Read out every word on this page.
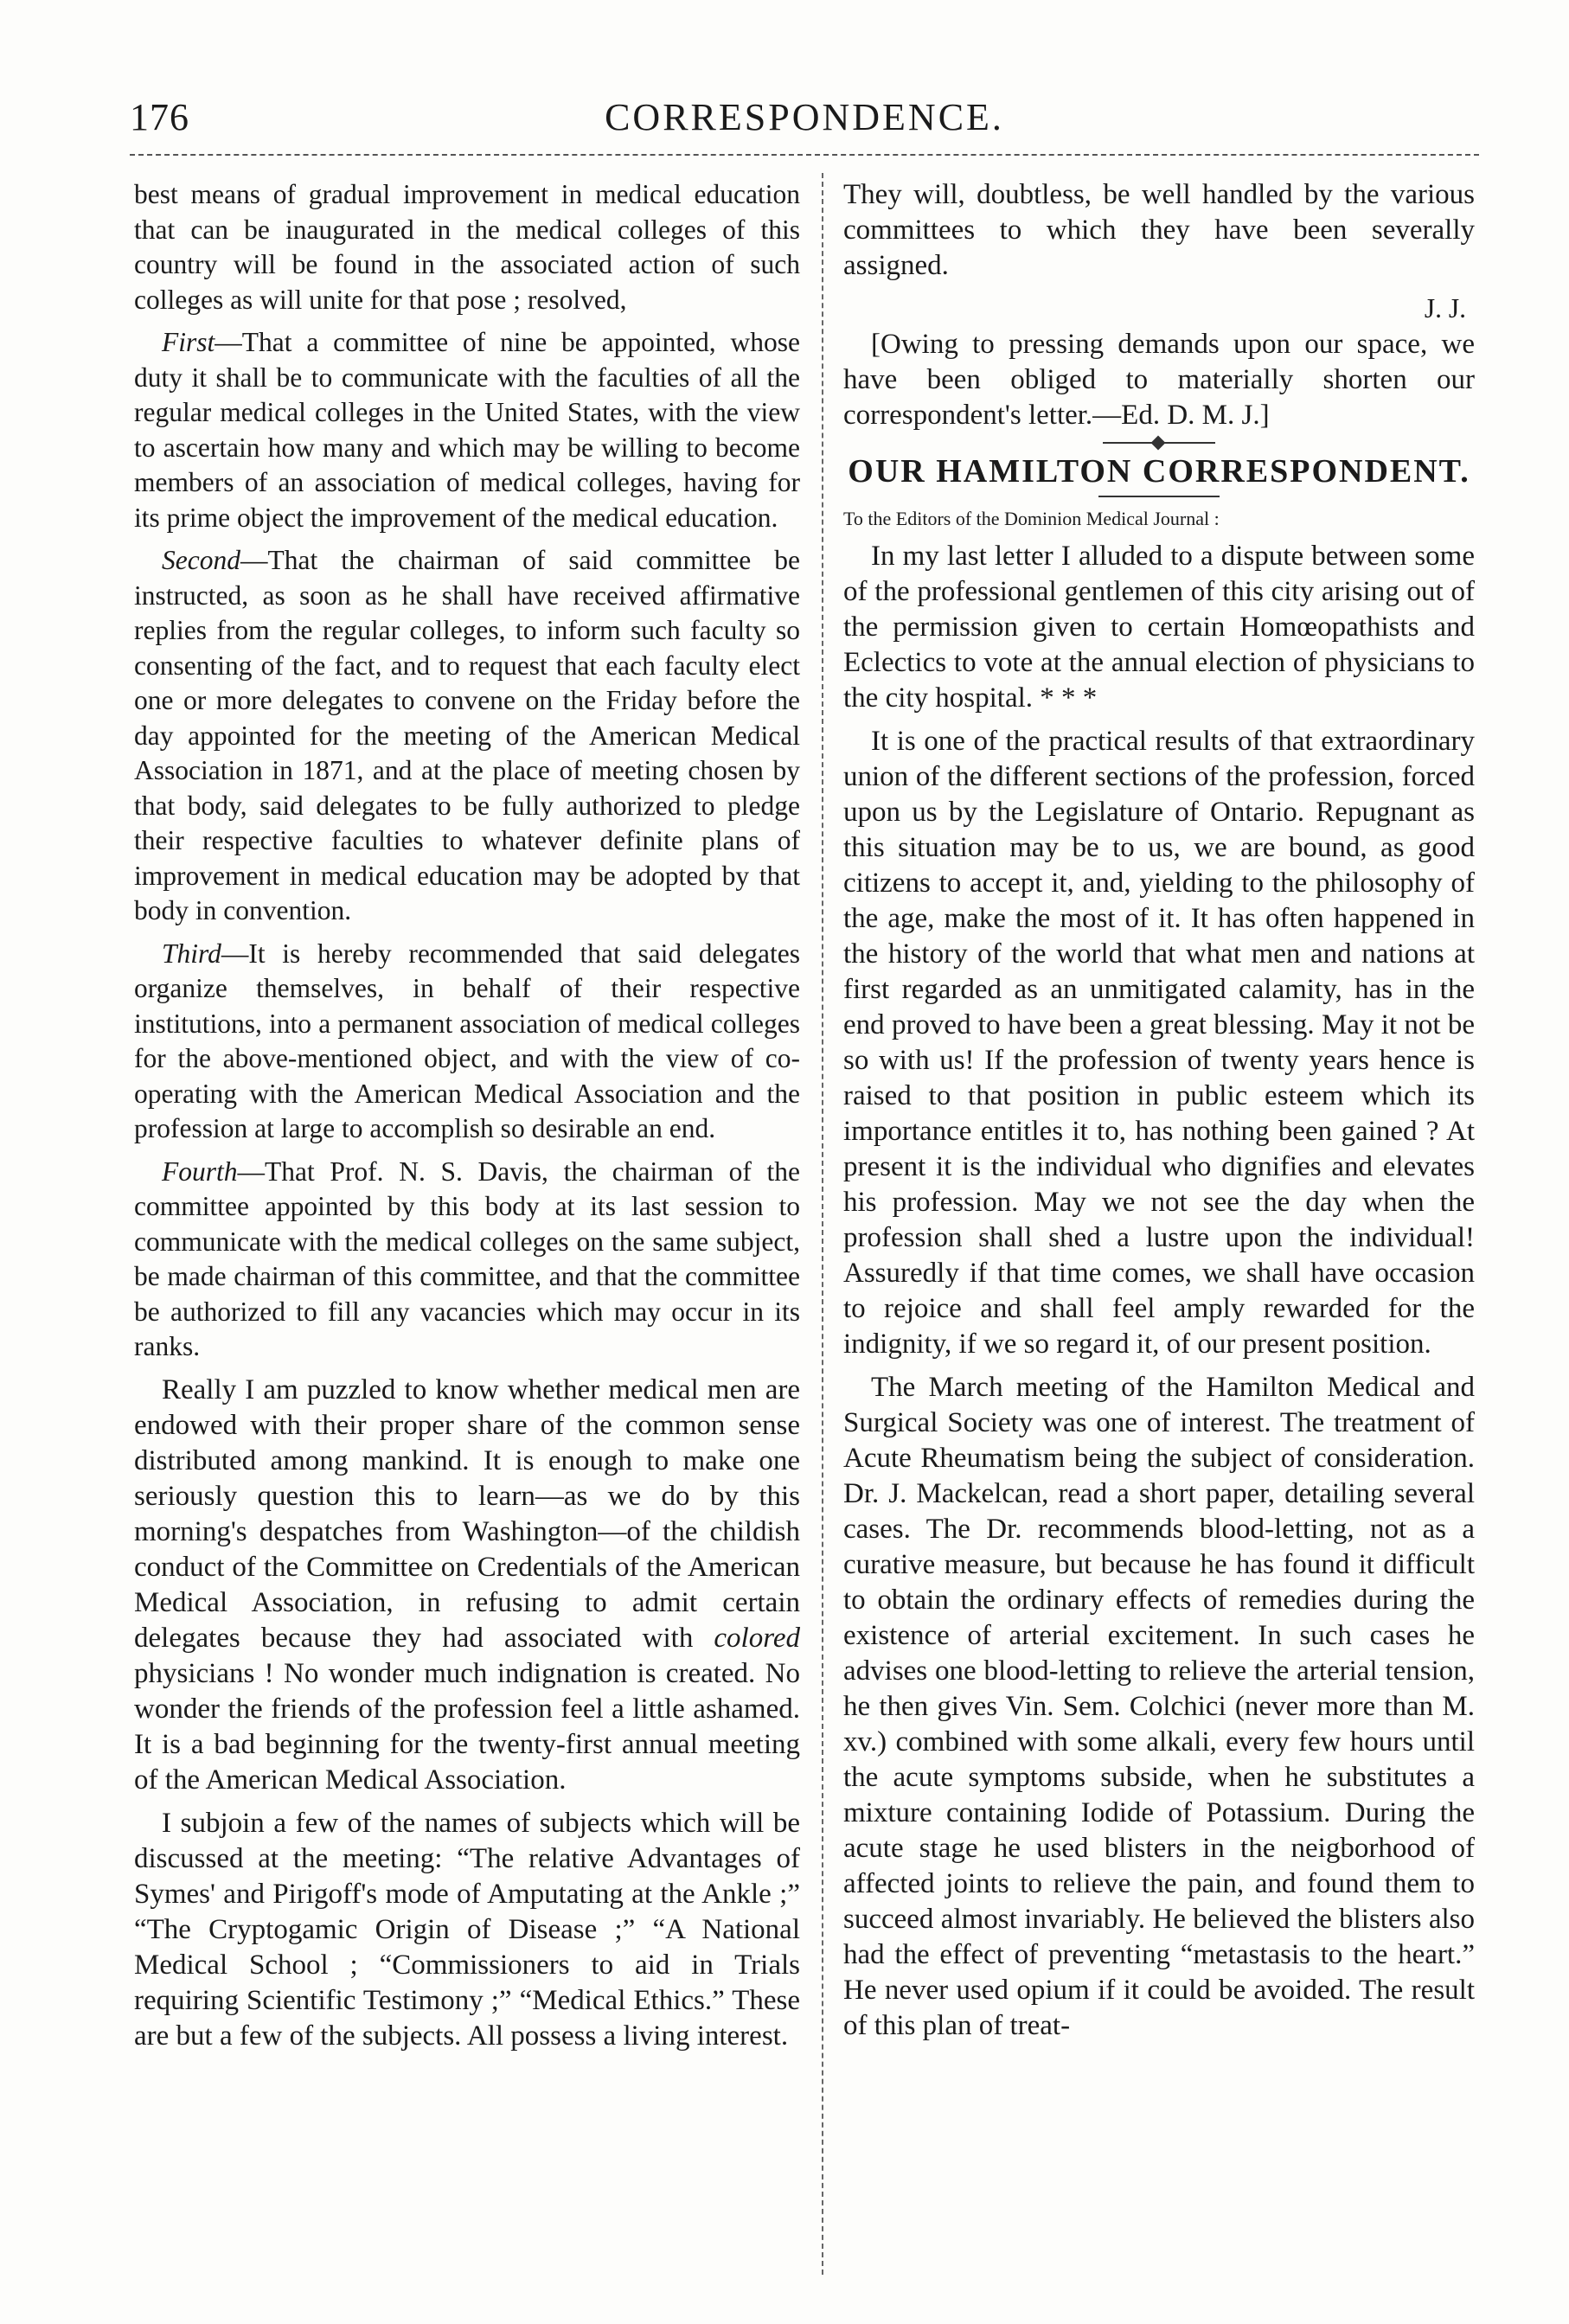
176	CORRESPONDENCE.

best means of gradual improvement in medical education that can be inaugurated in the medical colleges of this country will be found in the associated action of such colleges as will unite for that pose ; resolved,

First—That a committee of nine be appointed, whose duty it shall be to communicate with the faculties of all the regular medical colleges in the United States, with the view to ascertain how many and which may be willing to become members of an association of medical colleges, having for its prime object the improvement of the medical education.

Second—That the chairman of said committee be instructed, as soon as he shall have received affirmative replies from the regular colleges, to inform such faculty so consenting of the fact, and to request that each faculty elect one or more delegates to convene on the Friday before the day appointed for the meeting of the American Medical Association in 1871, and at the place of meeting chosen by that body, said delegates to be fully authorized to pledge their respective faculties to whatever definite plans of improvement in medical education may be adopted by that body in convention.

Third—It is hereby recommended that said delegates organize themselves, in behalf of their respective institutions, into a permanent association of medical colleges for the above-mentioned object, and with the view of co-operating with the American Medical Association and the profession at large to accomplish so desirable an end.

Fourth—That Prof. N. S. Davis, the chairman of the committee appointed by this body at its last session to communicate with the medical colleges on the same subject, be made chairman of this committee, and that the committee be authorized to fill any vacancies which may occur in its ranks.

Really I am puzzled to know whether medical men are endowed with their proper share of the common sense distributed among mankind. It is enough to make one seriously question this to learn—as we do by this morning's despatches from Washington—of the childish conduct of the Committee on Credentials of the American Medical Association, in refusing to admit certain delegates because they had associated with colored physicians ! No wonder much indignation is created. No wonder the friends of the profession feel a little ashamed. It is a bad beginning for the twenty-first annual meeting of the American Medical Association.

I subjoin a few of the names of subjects which will be discussed at the meeting: “The relative Advantages of Symes' and Pirigoff's mode of Amputating at the Ankle ;” “The Cryptogamic Origin of Disease ;” “A National Medical School ; “Commissioners to aid in Trials requiring Scientific Testimony ;” “Medical Ethics.” These are but a few of the subjects. All possess a living interest.

They will, doubtless, be well handled by the various committees to which they have been severally assigned.

J. J.

[Owing to pressing demands upon our space, we have been obliged to materially shorten our correspondent's letter.—Ed. D. M. J.]

OUR HAMILTON CORRESPONDENT.

To the Editors of the Dominion Medical Journal :

In my last letter I alluded to a dispute between some of the professional gentlemen of this city arising out of the permission given to certain Homœopathists and Eclectics to vote at the annual election of physicians to the city hospital. * * *

It is one of the practical results of that extraordinary union of the different sections of the profession, forced upon us by the Legislature of Ontario. Repugnant as this situation may be to us, we are bound, as good citizens to accept it, and, yielding to the philosophy of the age, make the most of it. It has often happened in the history of the world that what men and nations at first regarded as an unmitigated calamity, has in the end proved to have been a great blessing. May it not be so with us! If the profession of twenty years hence is raised to that position in public esteem which its importance entitles it to, has nothing been gained ? At present it is the individual who dignifies and elevates his profession. May we not see the day when the profession shall shed a lustre upon the individual! Assuredly if that time comes, we shall have occasion to rejoice and shall feel amply rewarded for the indignity, if we so regard it, of our present position.

The March meeting of the Hamilton Medical and Surgical Society was one of interest. The treatment of Acute Rheumatism being the subject of consideration. Dr. J. Mackelcan, read a short paper, detailing several cases. The Dr. recommends blood-letting, not as a curative measure, but because he has found it difficult to obtain the ordinary effects of remedies during the existence of arterial excitement. In such cases he advises one blood-letting to relieve the arterial tension, he then gives Vin. Sem. Colchici (never more than M. xv.) combined with some alkali, every few hours until the acute symptoms subside, when he substitutes a mixture containing Iodide of Potassium. During the acute stage he used blisters in the neigborhood of affected joints to relieve the pain, and found them to succeed almost invariably. He believed the blisters also had the effect of preventing “metastasis to the heart.” He never used opium if it could be avoided. The result of this plan of treat-
